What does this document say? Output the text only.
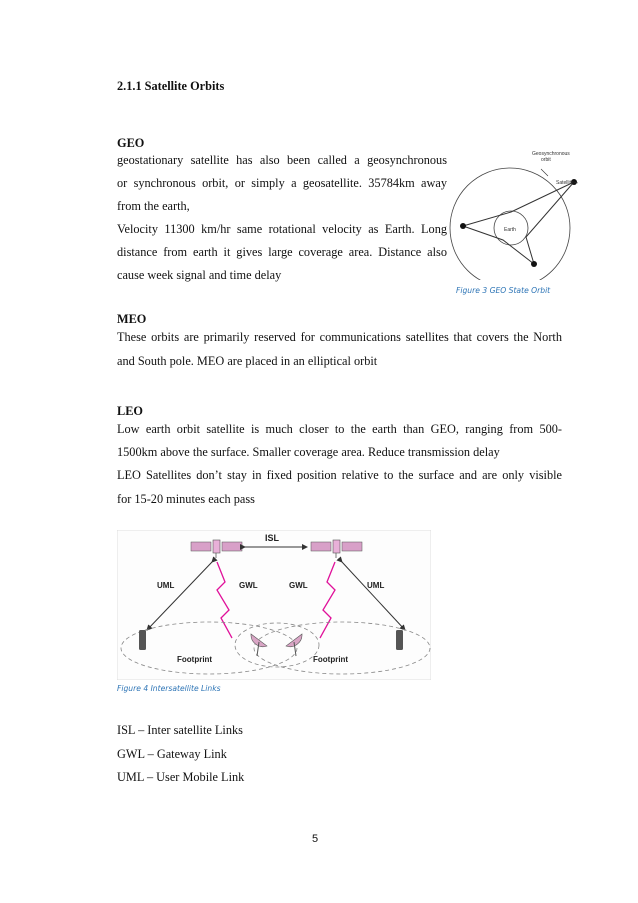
2.1.1 Satellite Orbits
GEO
geostationary satellite has also been called a geosynchronous
or synchronous orbit, or simply a geosatellite. 35784km away
from the earth,
Velocity 11300 km/hr same rotational velocity as Earth. Long
distance from earth it gives large coverage area. Distance also
cause week signal and time delay
Earth
Geosynchronous
orbit
Satellite
Figure 3 GEO State Orbit
MEO
These orbits are primarily reserved for communications satellites that covers the North
and South pole. MEO are placed in an elliptical orbit
LEO
Low earth orbit satellite is much closer to the earth than GEO, ranging from 500-
1500km above the surface. Smaller coverage area. Reduce transmission delay
LEO Satellites don’t stay in fixed position relative to the surface and are only visible
for 15-20 minutes each pass
ISL
UML	UML
GWL	GWL
Footprint	Footprint
Figure 4 Intersatellite Links
ISL – Inter satellite Links
GWL – Gateway Link
UML – User Mobile Link
5
